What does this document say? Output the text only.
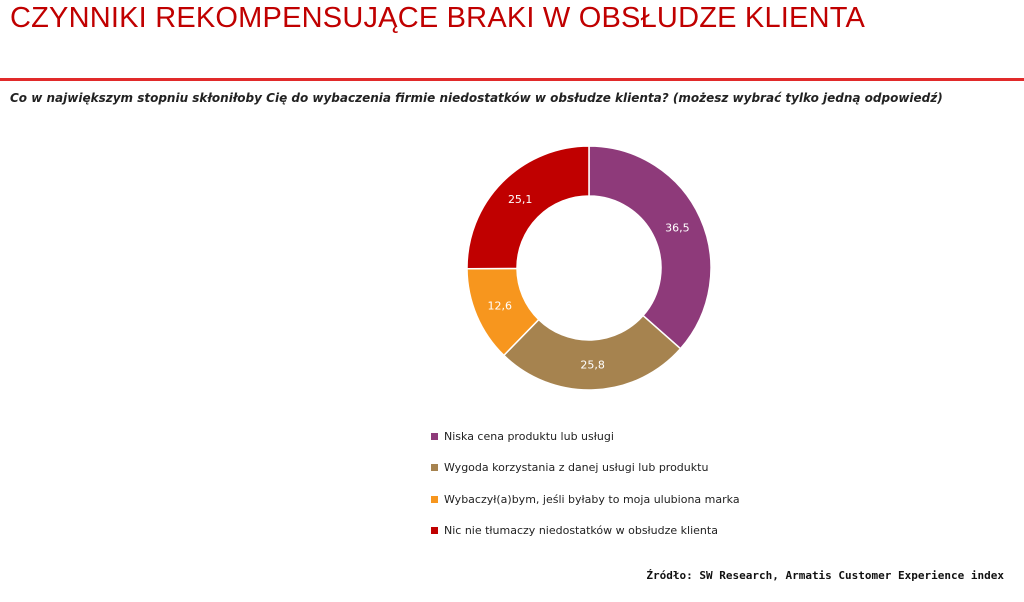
CZYNNIKI REKOMPENSUJĄCE BRAKI W OBSŁUDZE KLIENTA
Co w największym stopniu skłoniłoby Cię do wybaczenia firmie niedostatków w obsłudze klienta? (możesz wybrać tylko jedną odpowiedź)
36,5
25,8
12,6
25,1
Niska cena produktu lub usługi
Wygoda korzystania z danej usługi lub produktu
Wybaczył(a)bym, jeśli byłaby to moja ulubiona marka
Nic nie tłumaczy niedostatków w obsłudze klienta
Źródło: SW Research, Armatis Customer Experience index
